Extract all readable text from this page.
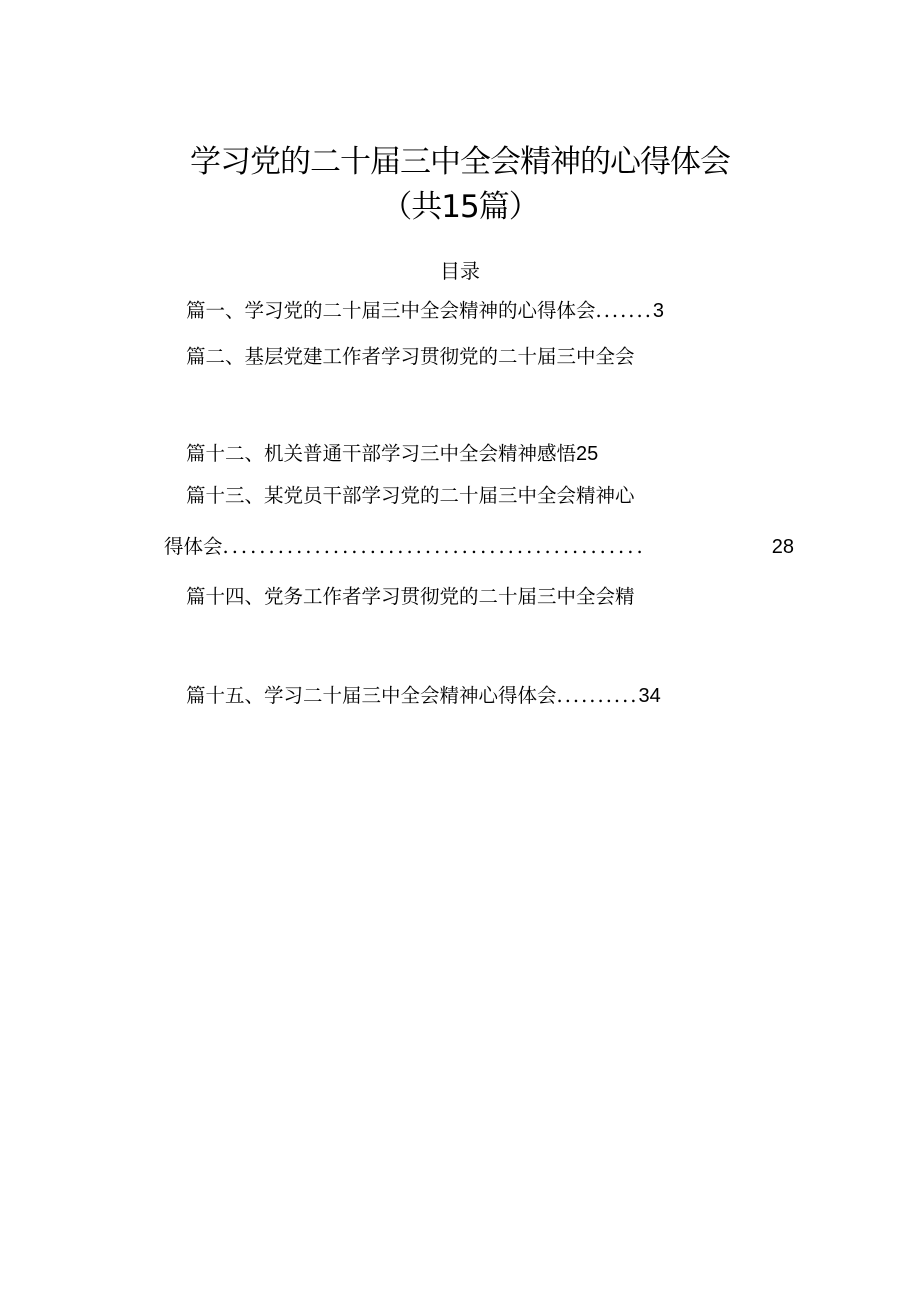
学习党的二十届三中全会精神的心得体会
（共15篇）
目录
篇一、学习党的二十届三中全会精神的心得体会.......3
篇二、基层党建工作者学习贯彻党的二十届三中全会
篇十二、机关普通干部学习三中全会精神感悟25
篇十三、某党员干部学习党的二十届三中全会精神心
得体会 ..............................................	28
篇十四、党务工作者学习贯彻党的二十届三中全会精
篇十五、学习二十届三中全会精神心得体会..........34
